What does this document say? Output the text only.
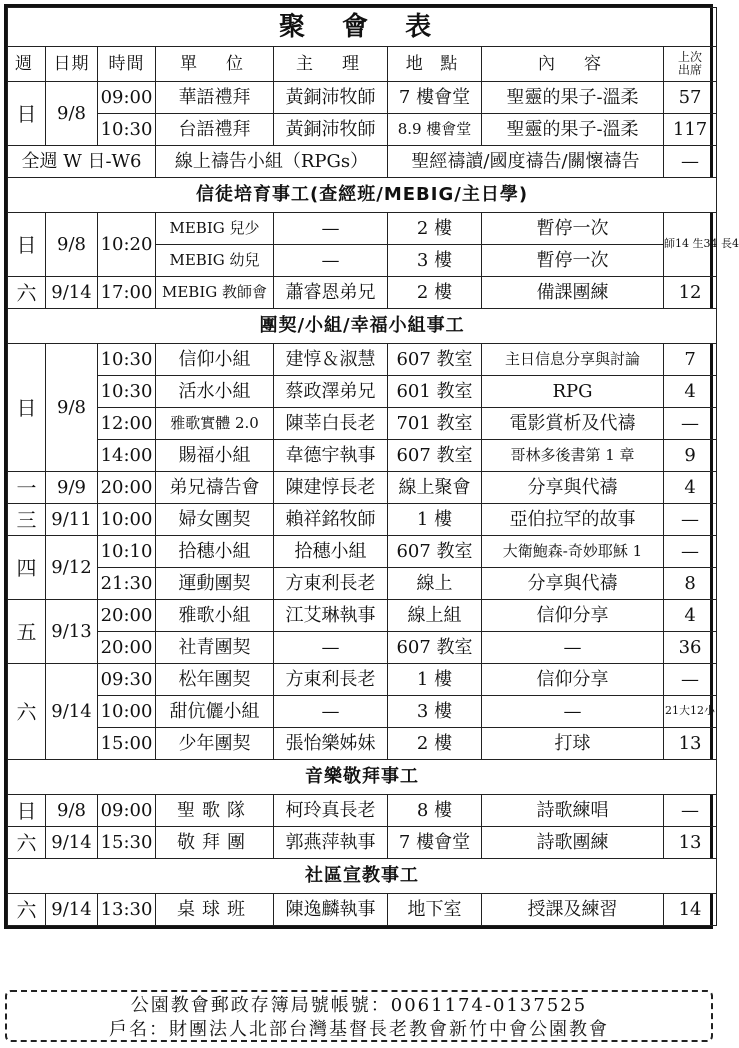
聚 會 表							
週	日期	時間	單　位	主　理	地 點	內　容	上次
出席
日	9/8	09:00	華語禮拜	黃銅沛牧師	7 樓會堂	聖靈的果子-溫柔	57
		10:30	台語禮拜	黃銅沛牧師	8.9 樓會堂	聖靈的果子-溫柔	117
全週 W 日-W6			線上禱告小組（RPGs）		聖經禱讀/國度禱告/關懷禱告		—
信徒培育事工(查經班/MEBIG/主日學)							
日	9/8	10:20	MEBIG 兒少	—	2 樓	暫停一次	師14 生34 長4
			MEBIG 幼兒	—	3 樓	暫停一次	
六	9/14	17:00	MEBIG 教師會	蕭睿恩弟兄	2 樓	備課團練	12
團契/小組/幸福小組事工							
日	9/8	10:30	信仰小組	建惇＆淑慧	607 教室	主日信息分享與討論	7
		10:30	活水小組	蔡政澤弟兄	601 教室	RPG	4
		12:00	雅歌實體 2.0	陳莘白長老	701 教室	電影賞析及代禱	—
		14:00	賜福小組	韋德宇執事	607 教室	哥林多後書第 1 章	9
一	9/9	20:00	弟兄禱告會	陳建惇長老	線上聚會	分享與代禱	4
三	9/11	10:00	婦女團契	賴祥銘牧師	1 樓	亞伯拉罕的故事	—
四	9/12	10:10	拾穗小組	拾穗小組	607 教室	大衛鮑森-奇妙耶穌 1	—
		21:30	運動團契	方東利長老	線上	分享與代禱	8
五	9/13	20:00	雅歌小組	江艾琳執事	線上組	信仰分享	4
		20:00	社青團契	—	607 教室	—	36
六	9/14	09:30	松年團契	方東利長老	1 樓	信仰分享	—
		10:00	甜伉儷小組	—	3 樓	—	21大12小
		15:00	少年團契	張怡樂姊妹	2 樓	打球	13
音樂敬拜事工							
日	9/8	09:00	聖歌隊	柯玲真長老	8 樓	詩歌練唱	—
六	9/14	15:30	敬拜團	郭燕萍執事	7 樓會堂	詩歌團練	13
社區宣教事工							
六	9/14	13:30	桌球班	陳逸麟執事	地下室	授課及練習	14
公園教會郵政存簿局號帳號：0061174-0137525
戶名：財團法人北部台灣基督長老教會新竹中會公園教會
